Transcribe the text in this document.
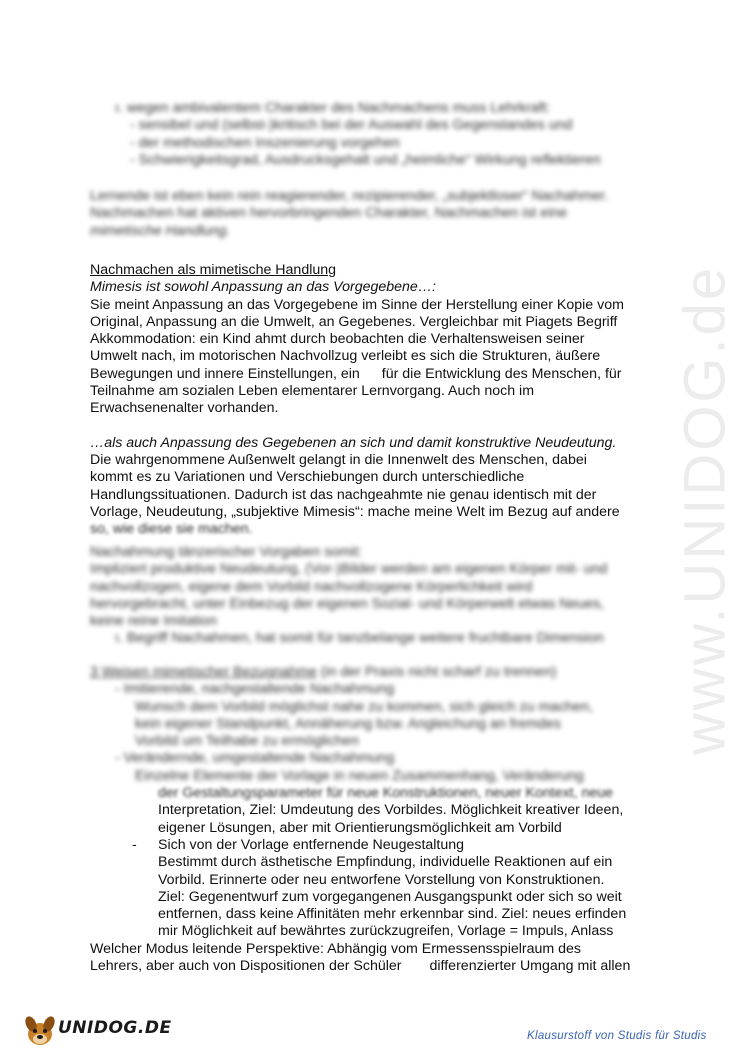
www.UNIDOG.de
ı. wegen ambivalentem Charakter des Nachmachens muss Lehrkraft:
- sensibel und (selbst-)kritisch bei der Auswahl des Gegenstandes und
- der methodischen Inszenierung vorgehen
- Schwierigkeitsgrad, Ausdrucksgehalt und „heimliche“ Wirkung reflektieren
Lernende ist eben kein rein reagierender, rezipierender, „subjektloser“ Nachahmer.
Nachmachen hat aktiven hervorbringenden Charakter, Nachmachen ist eine
mimetische Handlung.
Nachmachen als mimetische Handlung
Mimesis ist sowohl Anpassung an das Vorgegebene…:
Sie meint Anpassung an das Vorgegebene im Sinne der Herstellung einer Kopie vom
Original, Anpassung an die Umwelt, an Gegebenes. Vergleichbar mit Piagets Begriff
Akkommodation: ein Kind ahmt durch beobachten die Verhaltensweisen seiner
Umwelt nach, im motorischen Nachvollzug verleibt es sich die Strukturen, äußere
Bewegungen und innere Einstellungen, ein für die Entwicklung des Menschen, für
Teilnahme am sozialen Leben elementarer Lernvorgang. Auch noch im
Erwachsenenalter vorhanden.
…als auch Anpassung des Gegebenen an sich und damit konstruktive Neudeutung.
Die wahrgenommene Außenwelt gelangt in die Innenwelt des Menschen, dabei
kommt es zu Variationen und Verschiebungen durch unterschiedliche
Handlungssituationen. Dadurch ist das nachgeahmte nie genau identisch mit der
Vorlage, Neudeutung, „subjektive Mimesis“: mache meine Welt im Bezug auf andere
so, wie diese sie machen.
Nachahmung tänzerischer Vorgaben somit:
Impliziert produktive Neudeutung, (Vor-)Bilder werden am eigenen Körper mit- und
nachvollzogen, eigene dem Vorbild nachvollzogene Körperlichkeit wird
hervorgebracht, unter Einbezug der eigenen Sozial- und Körperwelt etwas Neues,
keine reine Imitation
ı. Begriff Nachahmen, hat somit für tanzbelange weitere fruchtbare Dimension
3 Weisen mimetischer Bezugnahme (in der Praxis nicht scharf zu trennen)
- Imitierende, nachgestaltende Nachahmung
Wunsch dem Vorbild möglichst nahe zu kommen, sich gleich zu machen,
kein eigener Standpunkt, Annäherung bzw. Angleichung an fremdes
Vorbild um Teilhabe zu ermöglichen
- Verändernde, umgestaltende Nachahmung
Einzelne Elemente der Vorlage in neuen Zusammenhang, Veränderung
der Gestaltungsparameter für neue Konstruktionen, neuer Kontext, neue
Interpretation, Ziel: Umdeutung des Vorbildes. Möglichkeit kreativer Ideen,
eigener Lösungen, aber mit Orientierungsmöglichkeit am Vorbild
- Sich von der Vorlage entfernende Neugestaltung
Bestimmt durch ästhetische Empfindung, individuelle Reaktionen auf ein
Vorbild. Erinnerte oder neu entworfene Vorstellung von Konstruktionen.
Ziel: Gegenentwurf zum vorgegangenen Ausgangspunkt oder sich so weit
entfernen, dass keine Affinitäten mehr erkennbar sind. Ziel: neues erfinden
mir Möglichkeit auf bewährtes zurückzugreifen, Vorlage = Impuls, Anlass
Welcher Modus leitende Perspektive: Abhängig vom Ermessensspielraum des
Lehrers, aber auch von Dispositionen der Schüler differenzierter Umgang mit allen
UNIDOG.DE	Klausurstoff von Studis für Studis
